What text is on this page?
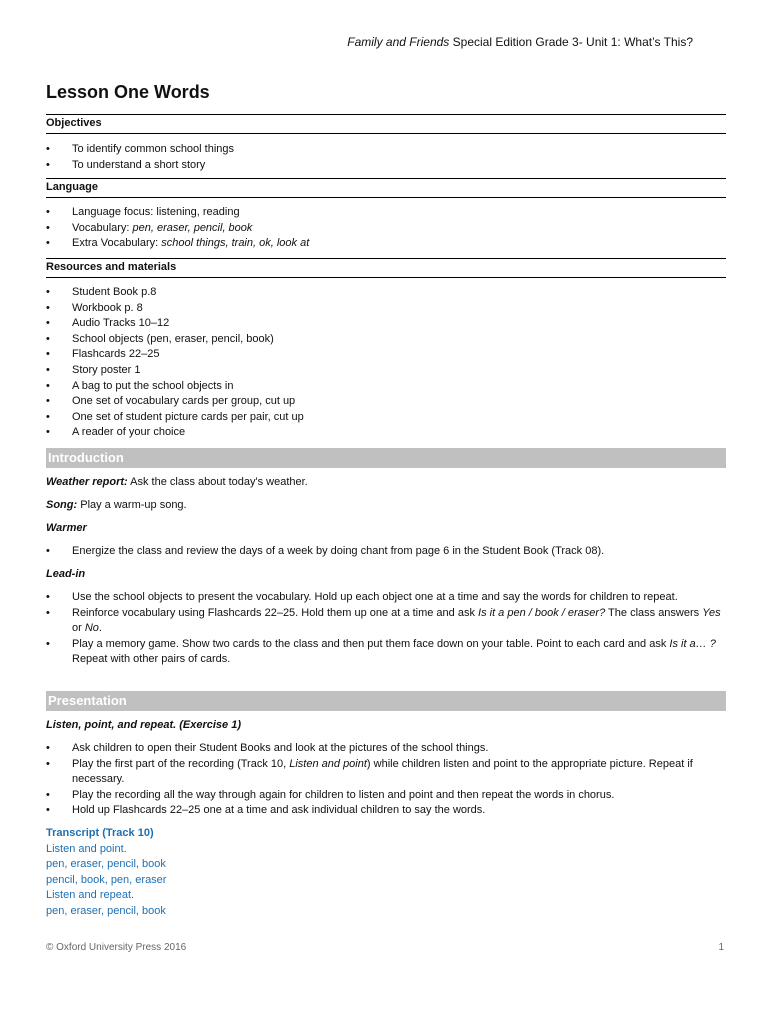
Family and Friends Special Edition Grade 3- Unit 1: What’s This?
Lesson One Words
Objectives
• To identify common school things
• To understand a short story
Language
• Language focus: listening, reading
• Vocabulary: pen, eraser, pencil, book
• Extra Vocabulary: school things, train, ok, look at
Resources and materials
• Student Book p.8
• Workbook p. 8
• Audio Tracks 10–12
• School objects (pen, eraser, pencil, book)
• Flashcards 22–25
• Story poster 1
• A bag to put the school objects in
• One set of vocabulary cards per group, cut up
• One set of student picture cards per pair, cut up
• A reader of your choice
Introduction
Weather report: Ask the class about today's weather.
Song: Play a warm-up song.
Warmer
• Energize the class and review the days of a week by doing chant from page 6 in the Student Book (Track 08).
Lead-in
• Use the school objects to present the vocabulary. Hold up each object one at a time and say the words for children to repeat.
• Reinforce vocabulary using Flashcards 22–25. Hold them up one at a time and ask Is it a pen / book / eraser? The class answers Yes or No.
• Play a memory game. Show two cards to the class and then put them face down on your table. Point to each card and ask Is it a… ? Repeat with other pairs of cards.
Presentation
Listen, point, and repeat. (Exercise 1)
• Ask children to open their Student Books and look at the pictures of the school things.
• Play the first part of the recording (Track 10, Listen and point) while children listen and point to the appropriate picture. Repeat if necessary.
• Play the recording all the way through again for children to listen and point and then repeat the words in chorus.
• Hold up Flashcards 22–25 one at a time and ask individual children to say the words.
Transcript (Track 10)
Listen and point.
pen, eraser, pencil, book
pencil, book, pen, eraser
Listen and repeat.
pen, eraser, pencil, book
© Oxford University Press 2016	1
